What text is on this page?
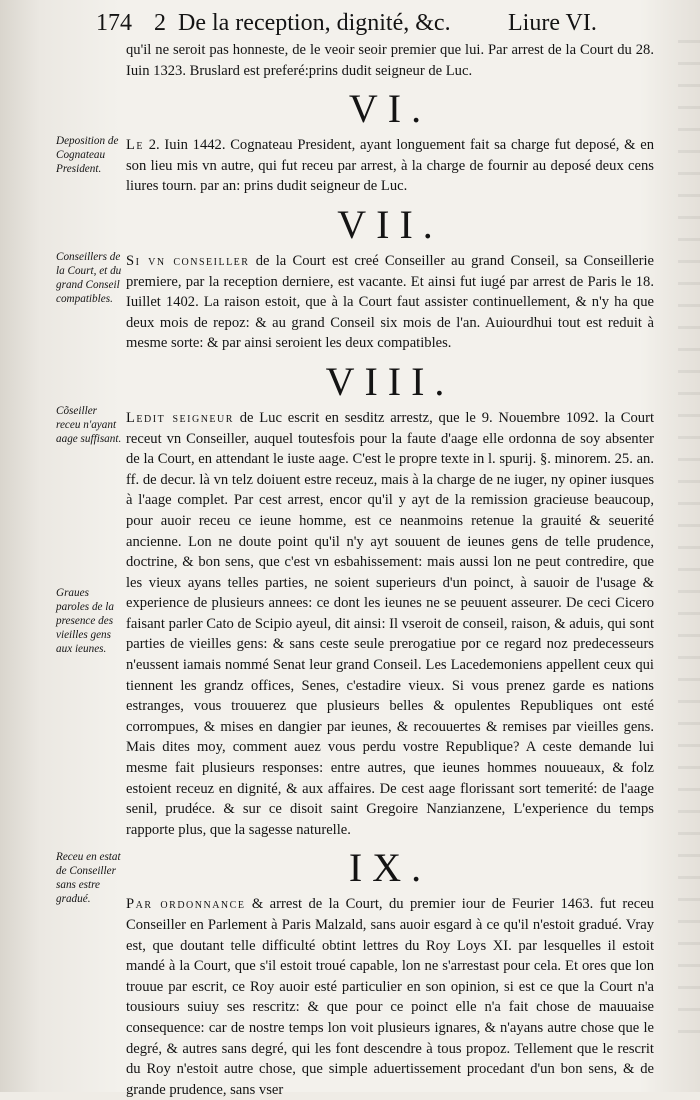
174 2 De la reception, dignité, &c. Liure VI.
Deposition de Cognateau President.
Conseillers de la Court, et du grand Conseil compatibles.
Cõseiller receu n'ayant aage suffisant.
Graues paroles de la presence des vieilles gens aux ieunes.
Receu en estat de Conseiller sans estre gradué.

qu'il ne seroit pas honneste, de le veoir seoir premier que lui. Par arrest de la Court du 28. Iuin 1323. Bruslard est preferé:prins dudit seigneur de Luc.

VI.

Le 2. Iuin 1442. Cognateau President, ayant longuement fait sa charge fut deposé, & en son lieu mis vn autre, qui fut receu par arrest, à la charge de fournir au deposé deux cens liures tourn. par an: prins dudit seigneur de Luc.

VII.

Si vn conseiller de la Court est creé Conseiller au grand Conseil, sa Conseillerie premiere, par la reception derniere, est vacante. Et ainsi fut iugé par arrest de Paris le 18. Iuillet 1402. La raison estoit, que à la Court faut assister continuellement, & n'y ha que deux mois de repoz: & au grand Conseil six mois de l'an. Auiourdhui tout est reduit à mesme sorte: & par ainsi seroient les deux compatibles.

VIII.

Ledit seigneur de Luc escrit en sesditz arrestz, que le 9. Nouembre 1092. la Court receut vn Conseiller, auquel toutesfois pour la faute d'aage elle ordonna de soy absenter de la Court, en attendant le iuste aage. C'est le propre texte in l. spurij. §. minorem. 25. an. ff. de decur. là vn telz doiuent estre receuz, mais à la charge de ne iuger, ny opiner iusques à l'aage complet. Par cest arrest, encor qu'il y ayt de la remission gracieuse beaucoup, pour auoir receu ce ieune homme, est ce neanmoins retenue la grauité & seuerité ancienne. Lon ne doute point qu'il n'y ayt souuent de ieunes gens de telle prudence, doctrine, & bon sens, que c'est vn esbahissement: mais aussi lon ne peut contredire, que les vieux ayans telles parties, ne soient superieurs d'un poinct, à sauoir de l'usage & experience de plusieurs annees: ce dont les ieunes ne se peuuent asseurer. De ceci Cicero faisant parler Cato de Scipio ayeul, dit ainsi: Il vseroit de conseil, raison, & aduis, qui sont parties de vieilles gens: & sans ceste seule prerogatiue por ce regard noz predecesseurs n'eussent iamais nommé Senat leur grand Conseil. Les Lacedemoniens appellent ceux qui tiennent les grandz offices, Senes, c'estadire vieux. Si vous prenez garde es nations estranges, vous trouuerez que plusieurs belles & opulentes Republiques ont esté corrompues, & mises en dangier par ieunes, & recouuertes & remises par vieilles gens. Mais dites moy, comment auez vous perdu vostre Republique? A ceste demande lui mesme fait plusieurs responses: entre autres, que ieunes hommes nouueaux, & folz estoient receuz en dignité, & aux affaires. De cest aage florissant sort temerité: de l'aage senil, prudéce. & sur ce disoit saint Gregoire Nanzianzene, L'experience du temps rapporte plus, que la sagesse naturelle.

IX.

Par ordonnance & arrest de la Court, du premier iour de Feurier 1463. fut receu Conseiller en Parlement à Paris Malzald, sans auoir esgard à ce qu'il n'estoit gradué. Vray est, que doutant telle difficulté obtint lettres du Roy Loys XI. par lesquelles il estoit mandé à la Court, que s'il estoit troué capable, lon ne s'arrestast pour cela. Et ores que lon trouue par escrit, ce Roy auoir esté particulier en son opinion, si est ce que la Court n'a tousiours suiuy ses rescritz: & que pour ce poinct elle n'a fait chose de mauuaise consequence: car de nostre temps lon voit plusieurs ignares, & n'ayans autre chose que le degré, & autres sans degré, qui les font descendre à tous propoz. Tellement que le rescrit du Roy n'estoit autre chose, que simple aduertissement procedant d'un bon sens, & de grande prudence, sans vser
